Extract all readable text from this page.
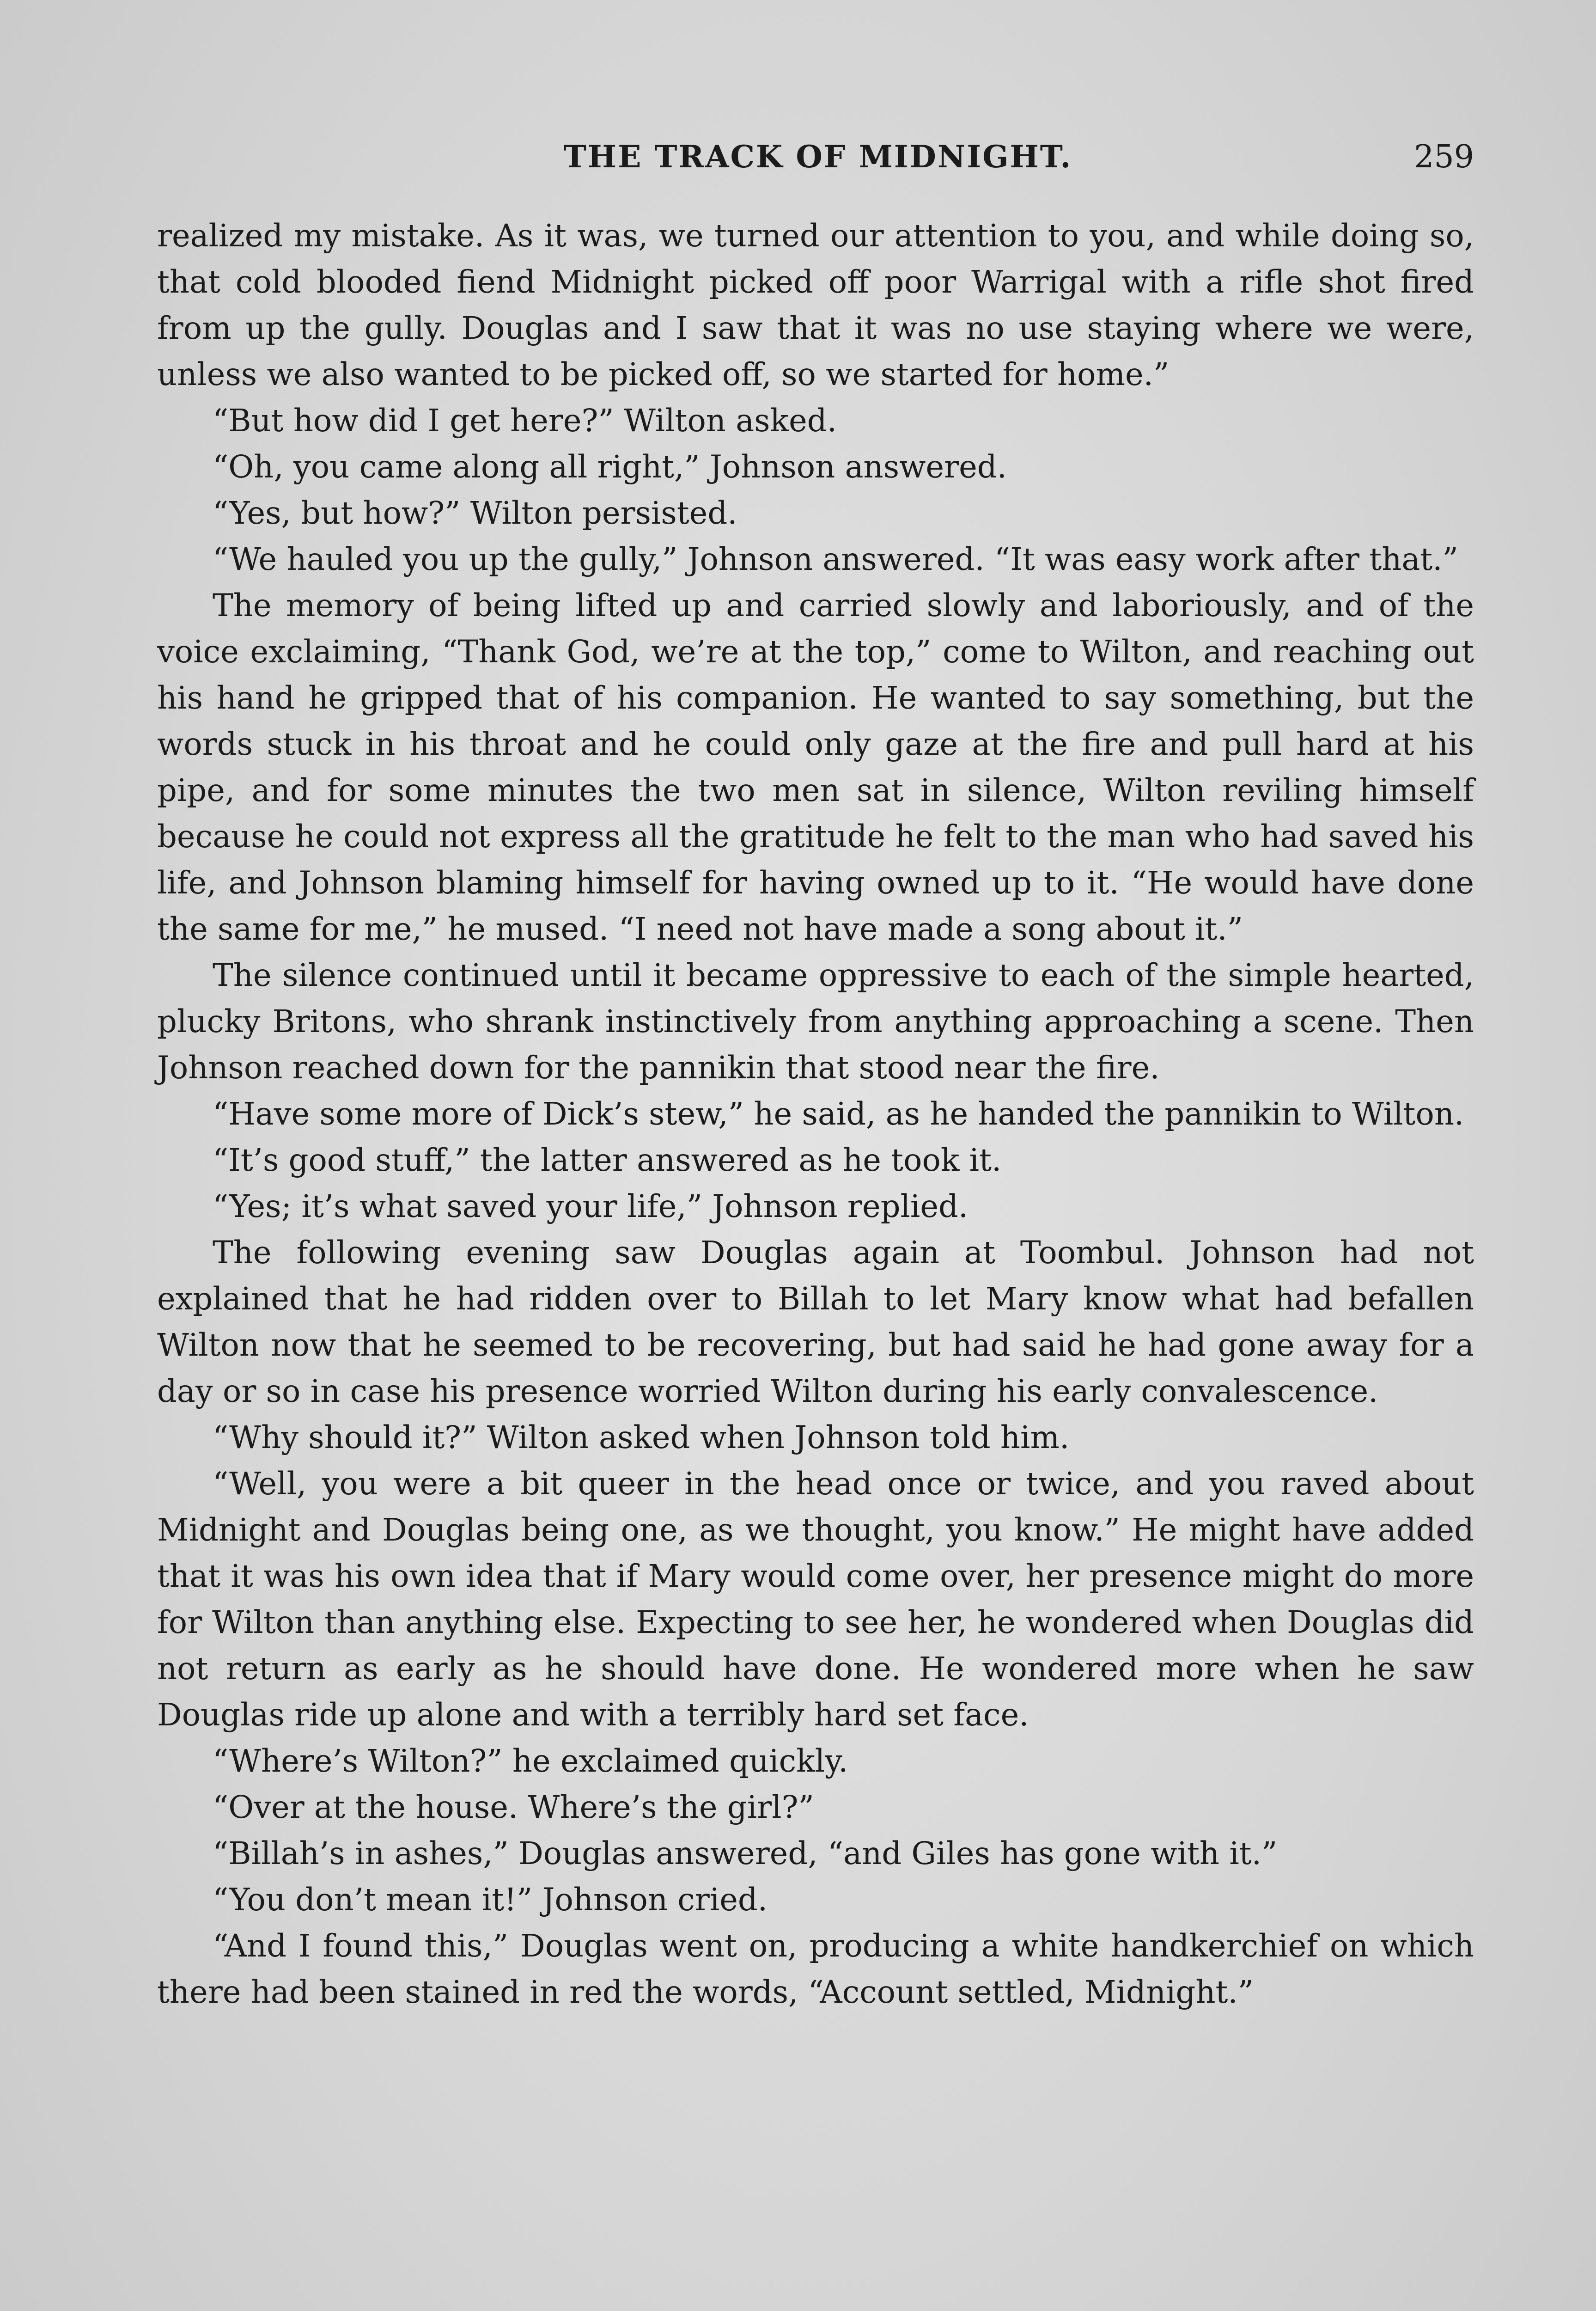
THE TRACK OF MIDNIGHT.	259

realized my mistake. As it was, we turned our attention to you, and while doing so, that cold blooded fiend Midnight picked off poor Warrigal with a rifle shot fired from up the gully. Douglas and I saw that it was no use staying where we were, unless we also wanted to be picked off, so we started for home.”

“But how did I get here?” Wilton asked.

“Oh, you came along all right,” Johnson answered.

“Yes, but how?” Wilton persisted.

“We hauled you up the gully,” Johnson answered. “It was easy work after that.”

The memory of being lifted up and carried slowly and laboriously, and of the voice exclaiming, “Thank God, we’re at the top,” come to Wilton, and reaching out his hand he gripped that of his companion. He wanted to say something, but the words stuck in his throat and he could only gaze at the fire and pull hard at his pipe, and for some minutes the two men sat in silence, Wilton reviling himself because he could not express all the gratitude he felt to the man who had saved his life, and Johnson blaming himself for having owned up to it. “He would have done the same for me,” he mused. “I need not have made a song about it.”

The silence continued until it became oppressive to each of the simple hearted, plucky Britons, who shrank instinctively from anything approaching a scene. Then Johnson reached down for the pannikin that stood near the fire.

“Have some more of Dick’s stew,” he said, as he handed the pannikin to Wilton.

“It’s good stuff,” the latter answered as he took it.

“Yes; it’s what saved your life,” Johnson replied.

The following evening saw Douglas again at Toombul. Johnson had not explained that he had ridden over to Billah to let Mary know what had befallen Wilton now that he seemed to be recovering, but had said he had gone away for a day or so in case his presence worried Wilton during his early convalescence.

“Why should it?” Wilton asked when Johnson told him.

“Well, you were a bit queer in the head once or twice, and you raved about Midnight and Douglas being one, as we thought, you know.” He might have added that it was his own idea that if Mary would come over, her presence might do more for Wilton than anything else. Expecting to see her, he wondered when Douglas did not return as early as he should have done. He wondered more when he saw Douglas ride up alone and with a terribly hard set face.

“Where’s Wilton?” he exclaimed quickly.

“Over at the house. Where’s the girl?”

“Billah’s in ashes,” Douglas answered, “and Giles has gone with it.”

“You don’t mean it!” Johnson cried.

“And I found this,” Douglas went on, producing a white handkerchief on which there had been stained in red the words, “Account settled, Midnight.”
